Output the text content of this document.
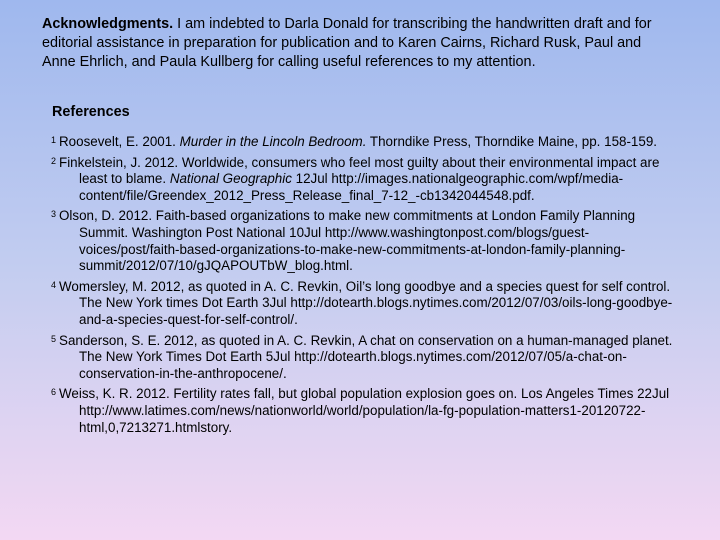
Acknowledgments. I am indebted to Darla Donald for transcribing the handwritten draft and for editorial assistance in preparation for publication and to Karen Cairns, Richard Rusk, Paul and Anne Ehrlich, and Paula Kullberg for calling useful references to my attention.

References

$^1$ Roosevelt, E. 2001. Murder in the Lincoln Bedroom. Thorndike Press, Thorndike Maine, pp. 158-159.
$^2$ Finkelstein, J. 2012. Worldwide, consumers who feel most guilty about their environmental impact are least to blame. National Geographic 12Jul http://images.nationalgeographic.com/wpf/media-content/file/Greendex_2012_Press_Release_final_7-12_-cb1342044548.pdf.
$^3$ Olson, D. 2012. Faith-based organizations to make new commitments at London Family Planning Summit. Washington Post National 10Jul http://www.washingtonpost.com/blogs/guest-voices/post/faith-based-organizations-to-make-new-commitments-at-london-family-planning-summit/2012/07/10/gJQAPOUTbW_blog.html.
$^4$ Womersley, M. 2012, as quoted in A. C. Revkin, Oil’s long goodbye and a species quest for self control. The New York times Dot Earth 3Jul http://dotearth.blogs.nytimes.com/2012/07/03/oils-long-goodbye-and-a-species-quest-for-self-control/.
$^5$ Sanderson, S. E. 2012, as quoted in A. C. Revkin, A chat on conservation on a human-managed planet. The New York Times Dot Earth 5Jul http://dotearth.blogs.nytimes.com/2012/07/05/a-chat-on-conservation-in-the-anthropocene/.
$^6$ Weiss, K. R. 2012. Fertility rates fall, but global population explosion goes on. Los Angeles Times 22Jul http://www.latimes.com/news/nationworld/world/population/la-fg-population-matters1-20120722-html,0,7213271.htmlstory.
